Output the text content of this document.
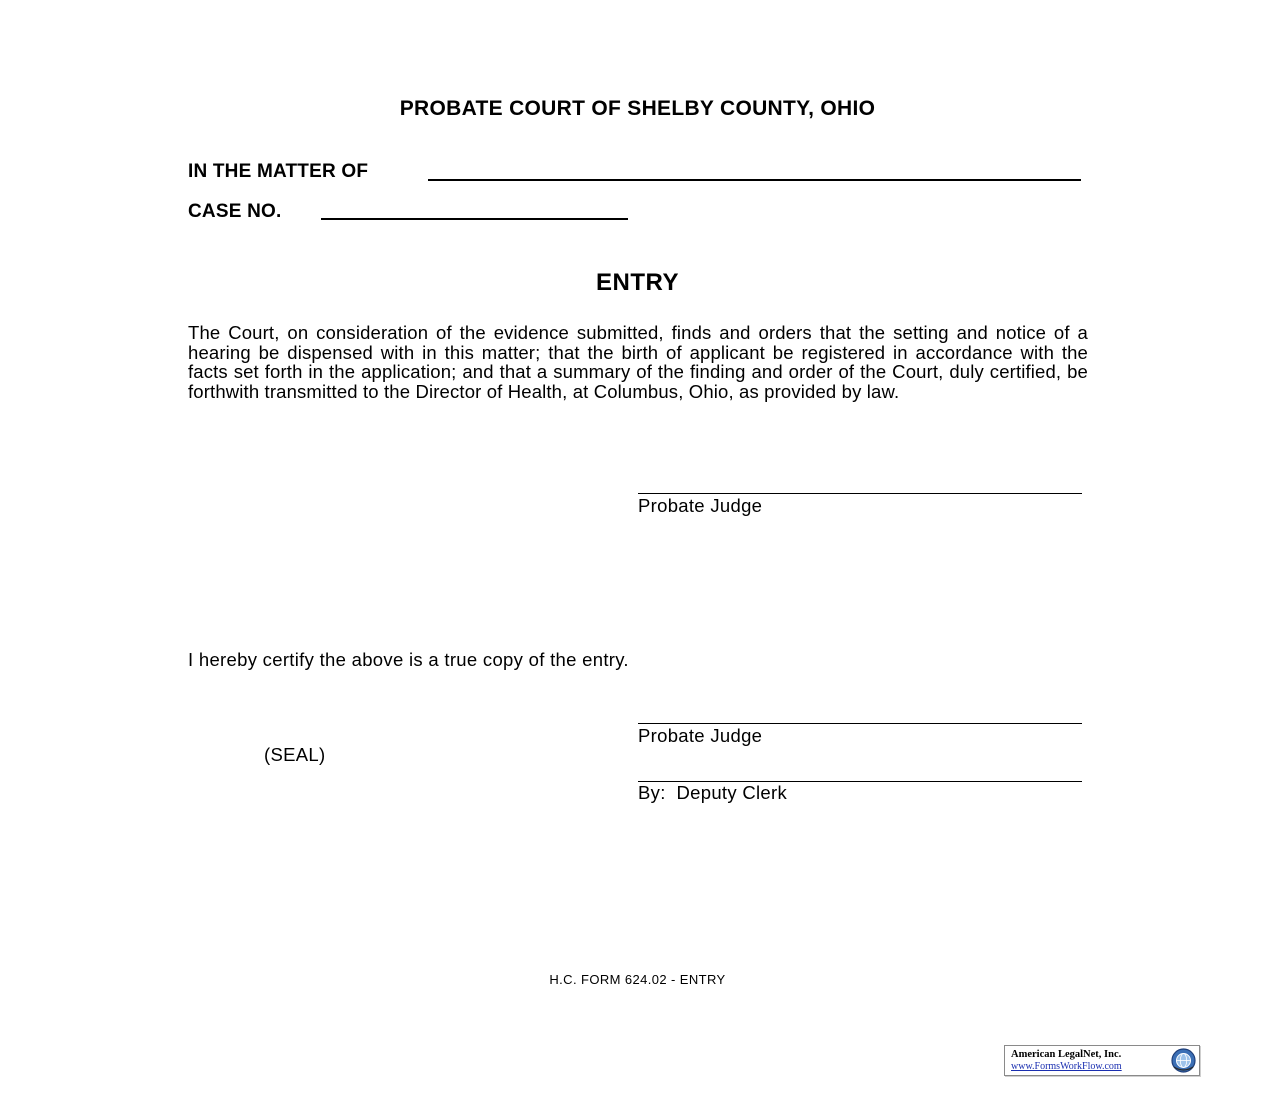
PROBATE COURT OF SHELBY COUNTY, OHIO
IN THE MATTER OF
CASE NO.
ENTRY
The Court, on consideration of the evidence submitted, finds and orders that the setting and notice of a hearing be dispensed with in this matter; that the birth of applicant be registered in accordance with the facts set forth in the application; and that a summary of the finding and order of the Court, duly certified, be forthwith transmitted to the Director of Health, at Columbus, Ohio, as provided by law.
Probate Judge
I hereby certify the above is a true copy of the entry.
Probate Judge
(SEAL)
By:  Deputy Clerk
H.C. FORM 624.02 - ENTRY
American LegalNet, Inc.
www.FormsWorkFlow.com
